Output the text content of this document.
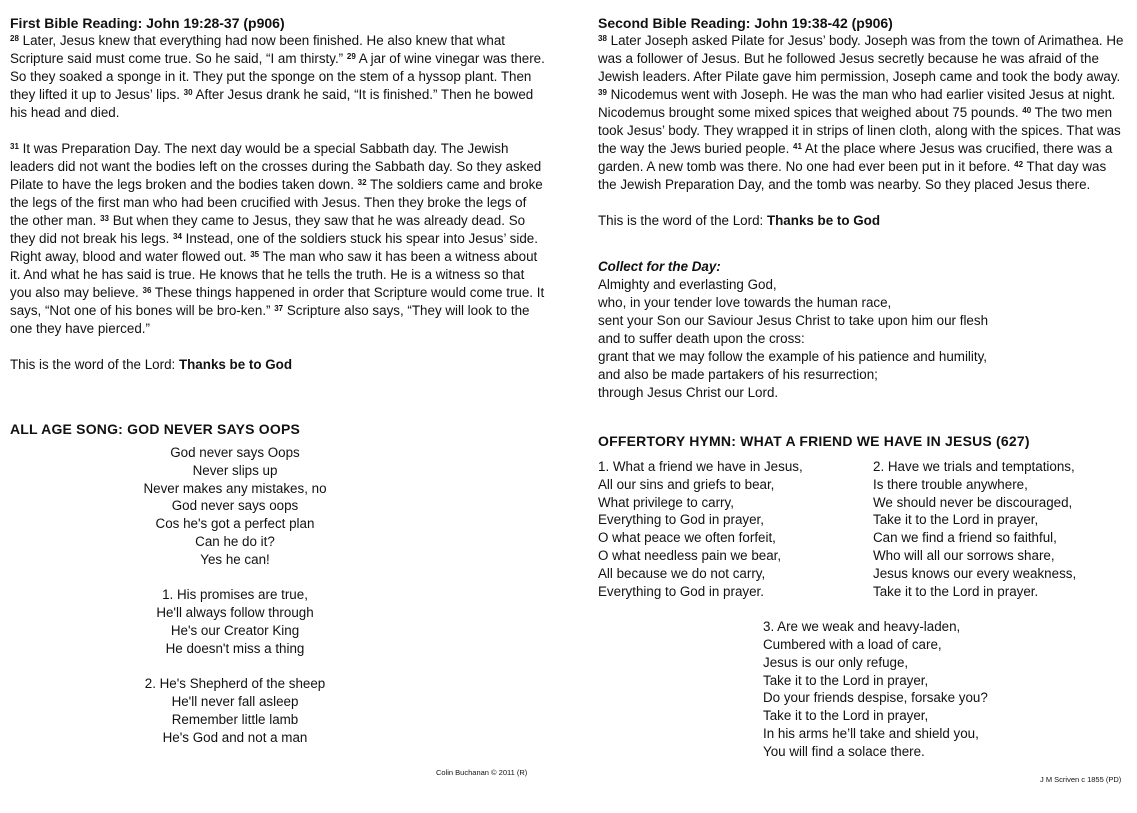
First Bible Reading: John 19:28-37 (p906)

$^{28}$ Later, Jesus knew that everything had now been finished. He also knew that what Scripture said must come true. So he said, “I am thirsty.” $^{29}$ A jar of wine vinegar was there. So they soaked a sponge in it. They put the sponge on the stem of a hyssop plant. Then they lifted it up to Jesus’ lips. $^{30}$ After Jesus drank he said, “It is finished.” Then he bowed his head and died.

$^{31}$ It was Preparation Day. The next day would be a special Sabbath day. The Jewish leaders did not want the bodies left on the crosses during the Sabbath day. So they asked Pilate to have the legs broken and the bodies taken down. $^{32}$ The soldiers came and broke the legs of the first man who had been crucified with Jesus. Then they broke the legs of the other man. $^{33}$ But when they came to Jesus, they saw that he was already dead. So they did not break his legs. $^{34}$ Instead, one of the soldiers stuck his spear into Jesus’ side. Right away, blood and water flowed out. $^{35}$ The man who saw it has been a witness about it. And what he has said is true. He knows that he tells the truth. He is a witness so that you also may believe. $^{36}$ These things happened in order that Scripture would come true. It says, “Not one of his bones will be bro-ken.” $^{37}$ Scripture also says, “They will look to the one they have pierced.”

This is the word of the Lord: Thanks be to God

ALL AGE SONG: GOD NEVER SAYS OOPS

God never says Oops
Never slips up
Never makes any mistakes, no
God never says oops
Cos he's got a perfect plan
Can he do it?
Yes he can!
1. His promises are true,
He'll always follow through
He's our Creator King
He doesn't miss a thing
2. He's Shepherd of the sheep
He'll never fall asleep
Remember little lamb
He's God and not a man
Colin Buchanan © 2011 (R)

Second Bible Reading: John 19:38-42 (p906)

$^{38}$ Later Joseph asked Pilate for Jesus’ body. Joseph was from the town of Arimathea. He was a follower of Jesus. But he followed Jesus secretly because he was afraid of the Jewish leaders. After Pilate gave him permission, Joseph came and took the body away. $^{39}$ Nicodemus went with Joseph. He was the man who had earlier visited Jesus at night. Nicodemus brought some mixed spices that weighed about 75 pounds. $^{40}$ The two men took Jesus’ body. They wrapped it in strips of linen cloth, along with the spices. That was the way the Jews buried people. $^{41}$ At the place where Jesus was crucified, there was a garden. A new tomb was there. No one had ever been put in it before. $^{42}$ That day was the Jewish Preparation Day, and the tomb was nearby. So they placed Jesus there.

This is the word of the Lord: Thanks be to God

Collect for the Day:

Almighty and everlasting God,
who, in your tender love towards the human race,
sent your Son our Saviour Jesus Christ to take upon him our flesh
and to suffer death upon the cross:
grant that we may follow the example of his patience and humility,
and also be made partakers of his resurrection;
through Jesus Christ our Lord.

OFFERTORY HYMN: WHAT A FRIEND WE HAVE IN JESUS (627)

1. What a friend we have in Jesus,
All our sins and griefs to bear,
What privilege to carry,
Everything to God in prayer,
O what peace we often forfeit,
O what needless pain we bear,
All because we do not carry,
Everything to God in prayer.
2. Have we trials and temptations,
Is there trouble anywhere,
We should never be discouraged,
Take it to the Lord in prayer,
Can we find a friend so faithful,
Who will all our sorrows share,
Jesus knows our every weakness,
Take it to the Lord in prayer.
3. Are we weak and heavy-laden,
Cumbered with a load of care,
Jesus is our only refuge,
Take it to the Lord in prayer,
Do your friends despise, forsake you?
Take it to the Lord in prayer,
In his arms he’ll take and shield you,
You will find a solace there.
J M Scriven c 1855 (PD)
